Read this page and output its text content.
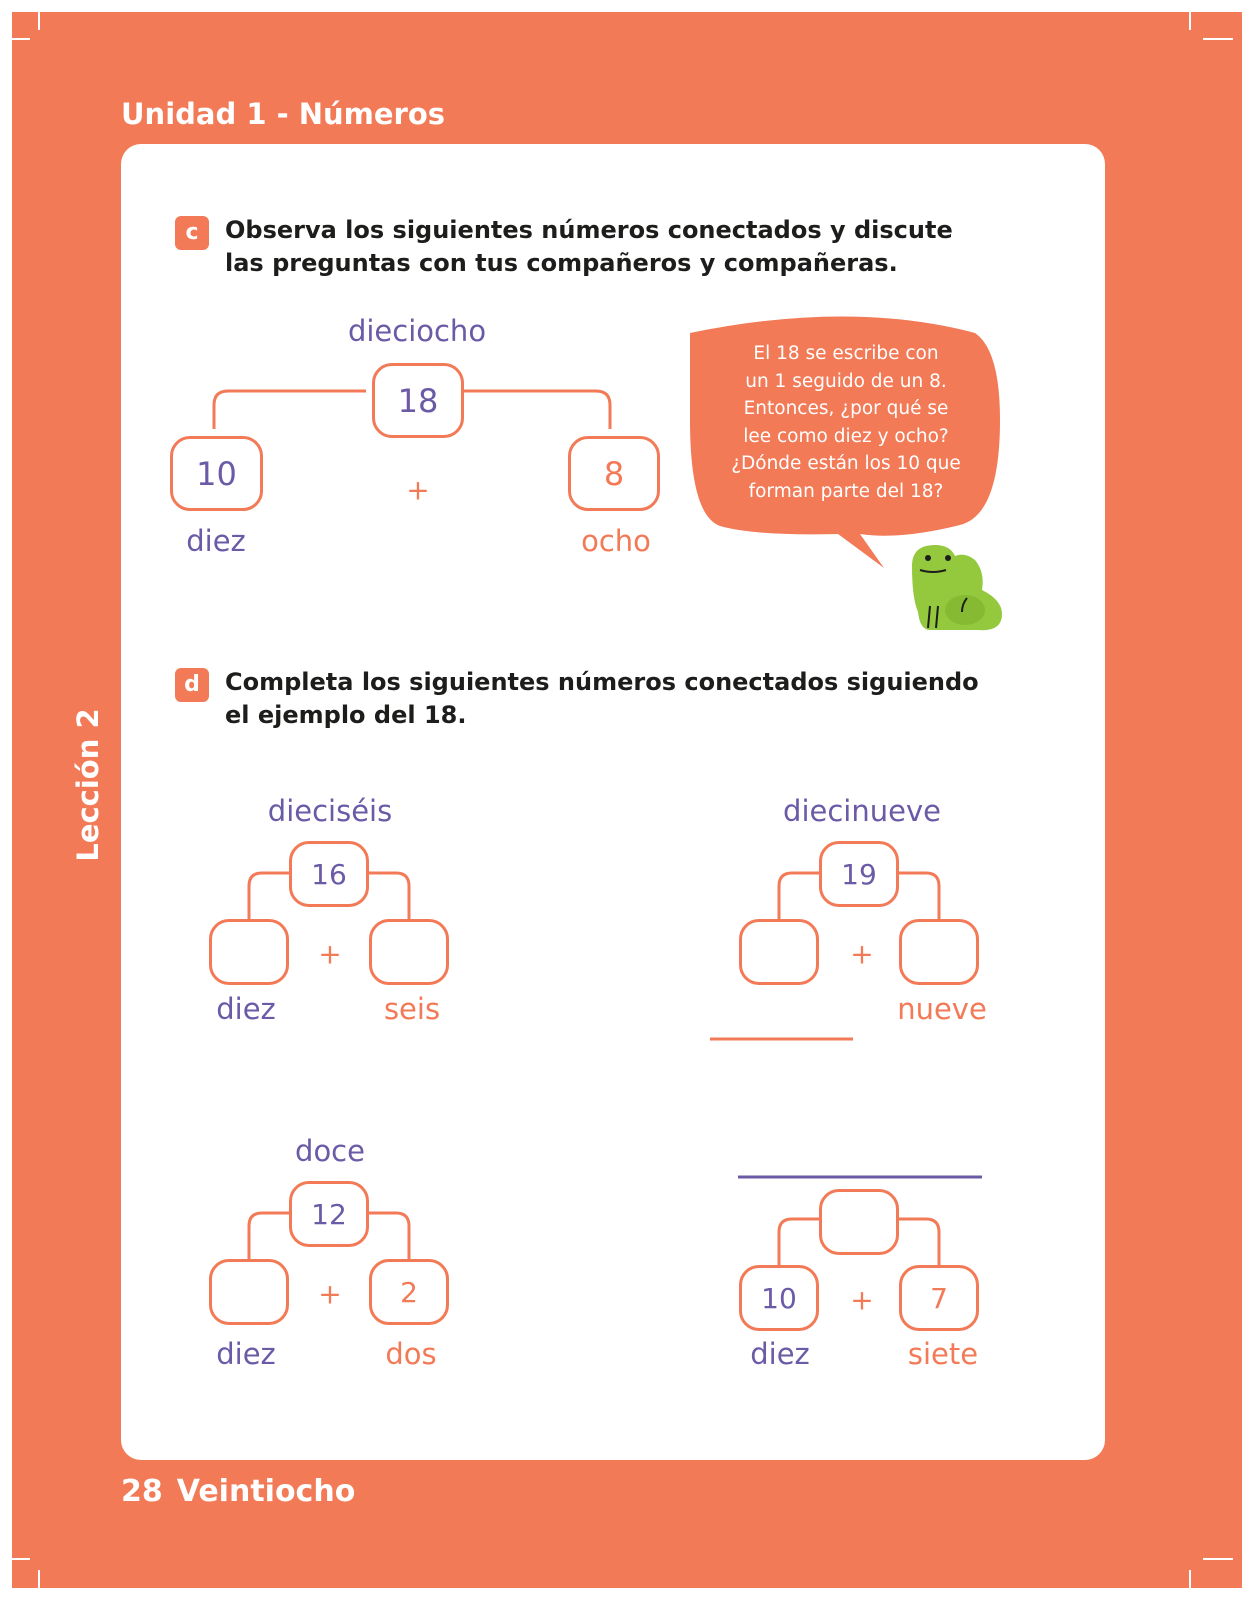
Unidad 1 - Números
Lección 2
28 Veintiocho
c	Observa los siguientes números conectados y discute
las preguntas con tus compañeros y compañeras.
dieciocho
18
10	8
+
diez	ocho
El 18 se escribe con
un 1 seguido de un 8.
Entonces, ¿por qué se
lee como diez y ocho?
¿Dónde están los 10 que
forman parte del 18?
d	Completa los siguientes números conectados siguiendo
el ejemplo del 18.
dieciséis
16
+
diez	seis
diecinueve
19
+
nueve
doce
12
2
+
diez	dos
10	7
+
diez	siete
